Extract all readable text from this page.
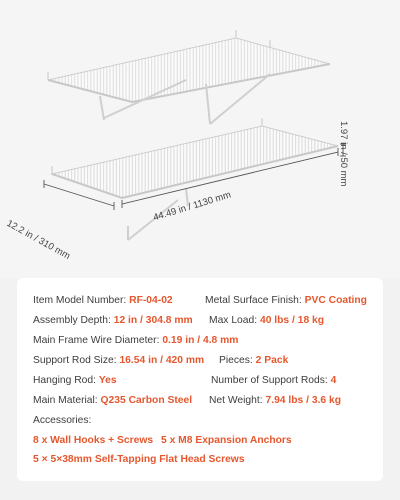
1.97 in / 50 mm
44.49 in / 1130 mm
12.2 in / 310 mm
Item Model Number: RF-04-02	Metal Surface Finish: PVC Coating
Assembly Depth: 12 in / 304.8 mm Max Load: 40 lbs / 18 kg
Main Frame Wire Diameter: 0.19 in / 4.8 mm
Support Rod Size: 16.54 in / 420 mm Pieces: 2 Pack
Hanging Rod: Yes	Number of Support Rods: 4
Main Material: Q235 Carbon Steel Net Weight: 7.94 lbs / 3.6 kg
Accessories:
8 x Wall Hooks + Screws 5 x M8 Expansion Anchors
5 × 5×38mm Self-Tapping Flat Head Screws
